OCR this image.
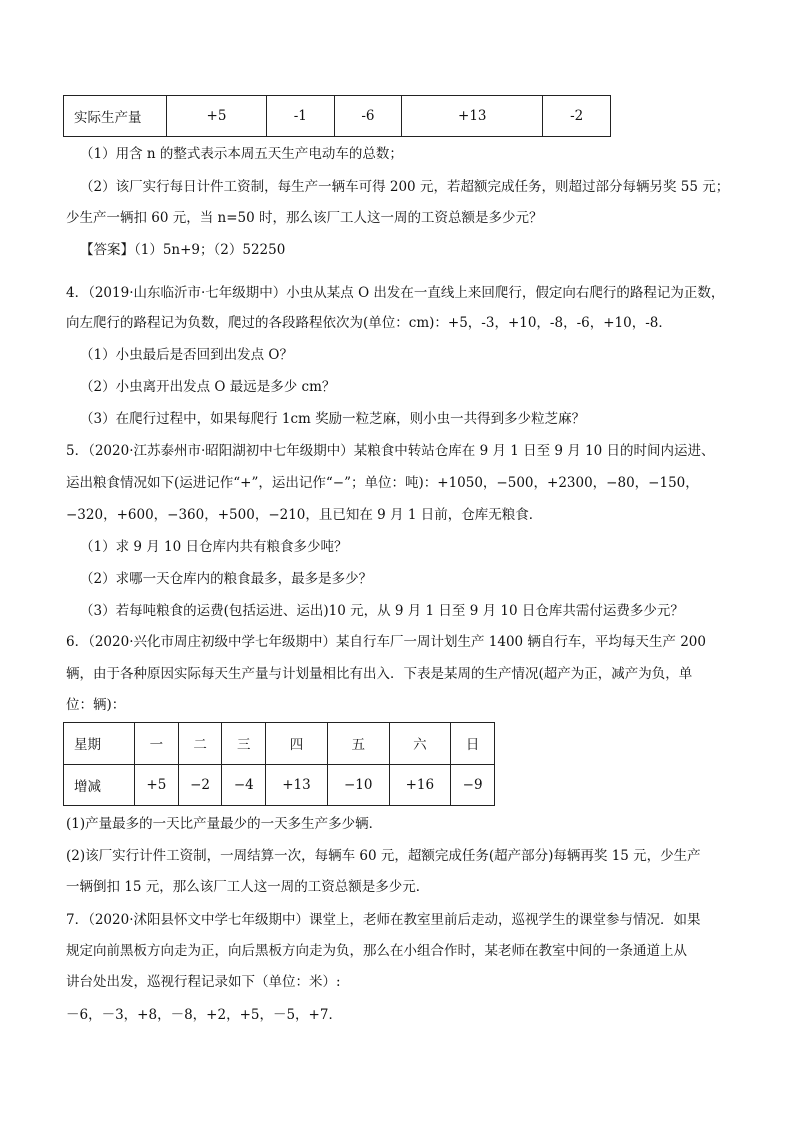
实际生产量	+5	-1	-6	+13	-2
（1）用含 n 的整式表示本周五天生产电动车的总数；
（2）该厂实行每日计件工资制，每生产一辆车可得 200 元，若超额完成任务，则超过部分每辆另奖 55 元；
少生产一辆扣 60 元，当 n=50 时，那么该厂工人这一周的工资总额是多少元？
【答案】（1）5n+9；（2）52250
4．（2019·山东临沂市·七年级期中）小虫从某点 O 出发在一直线上来回爬行，假定向右爬行的路程记为正数，
向左爬行的路程记为负数，爬过的各段路程依次为(单位：cm)：+5，-3，+10，-8，-6，+10，-8．
（1）小虫最后是否回到出发点 O？
（2）小虫离开出发点 O 最远是多少 cm？
（3）在爬行过程中，如果每爬行 1cm 奖励一粒芝麻，则小虫一共得到多少粒芝麻？
5．（2020·江苏泰州市·昭阳湖初中七年级期中）某粮食中转站仓库在 9 月 1 日至 9 月 10 日的时间内运进、
运出粮食情况如下(运进记作“+”，运出记作“−”；单位：吨)：+1050，−500，+2300，−80，−150，
−320，+600，−360，+500，−210，且已知在 9 月 1 日前，仓库无粮食．
（1）求 9 月 10 日仓库内共有粮食多少吨？
（2）求哪一天仓库内的粮食最多，最多是多少？
（3）若每吨粮食的运费(包括运进、运出)10 元，从 9 月 1 日至 9 月 10 日仓库共需付运费多少元？
6．（2020·兴化市周庄初级中学七年级期中）某自行车厂一周计划生产 1400 辆自行车，平均每天生产 200
辆，由于各种原因实际每天生产量与计划量相比有出入．下表是某周的生产情况(超产为正，减产为负，单
位：辆)：
星期	一	二	三	四	五	六	日
增减	+5	−2	−4	+13	−10	+16	−9
(1)产量最多的一天比产量最少的一天多生产多少辆．
(2)该厂实行计件工资制，一周结算一次，每辆车 60 元，超额完成任务(超产部分)每辆再奖 15 元，少生产
一辆倒扣 15 元，那么该厂工人这一周的工资总额是多少元．
7．（2020·沭阳县怀文中学七年级期中）课堂上，老师在教室里前后走动，巡视学生的课堂参与情况．如果
规定向前黑板方向走为正，向后黑板方向走为负，那么在小组合作时，某老师在教室中间的一条通道上从
讲台处出发，巡视行程记录如下（单位：米）:
－6，－3，+8，－8，+2，+5，－5，+7．
